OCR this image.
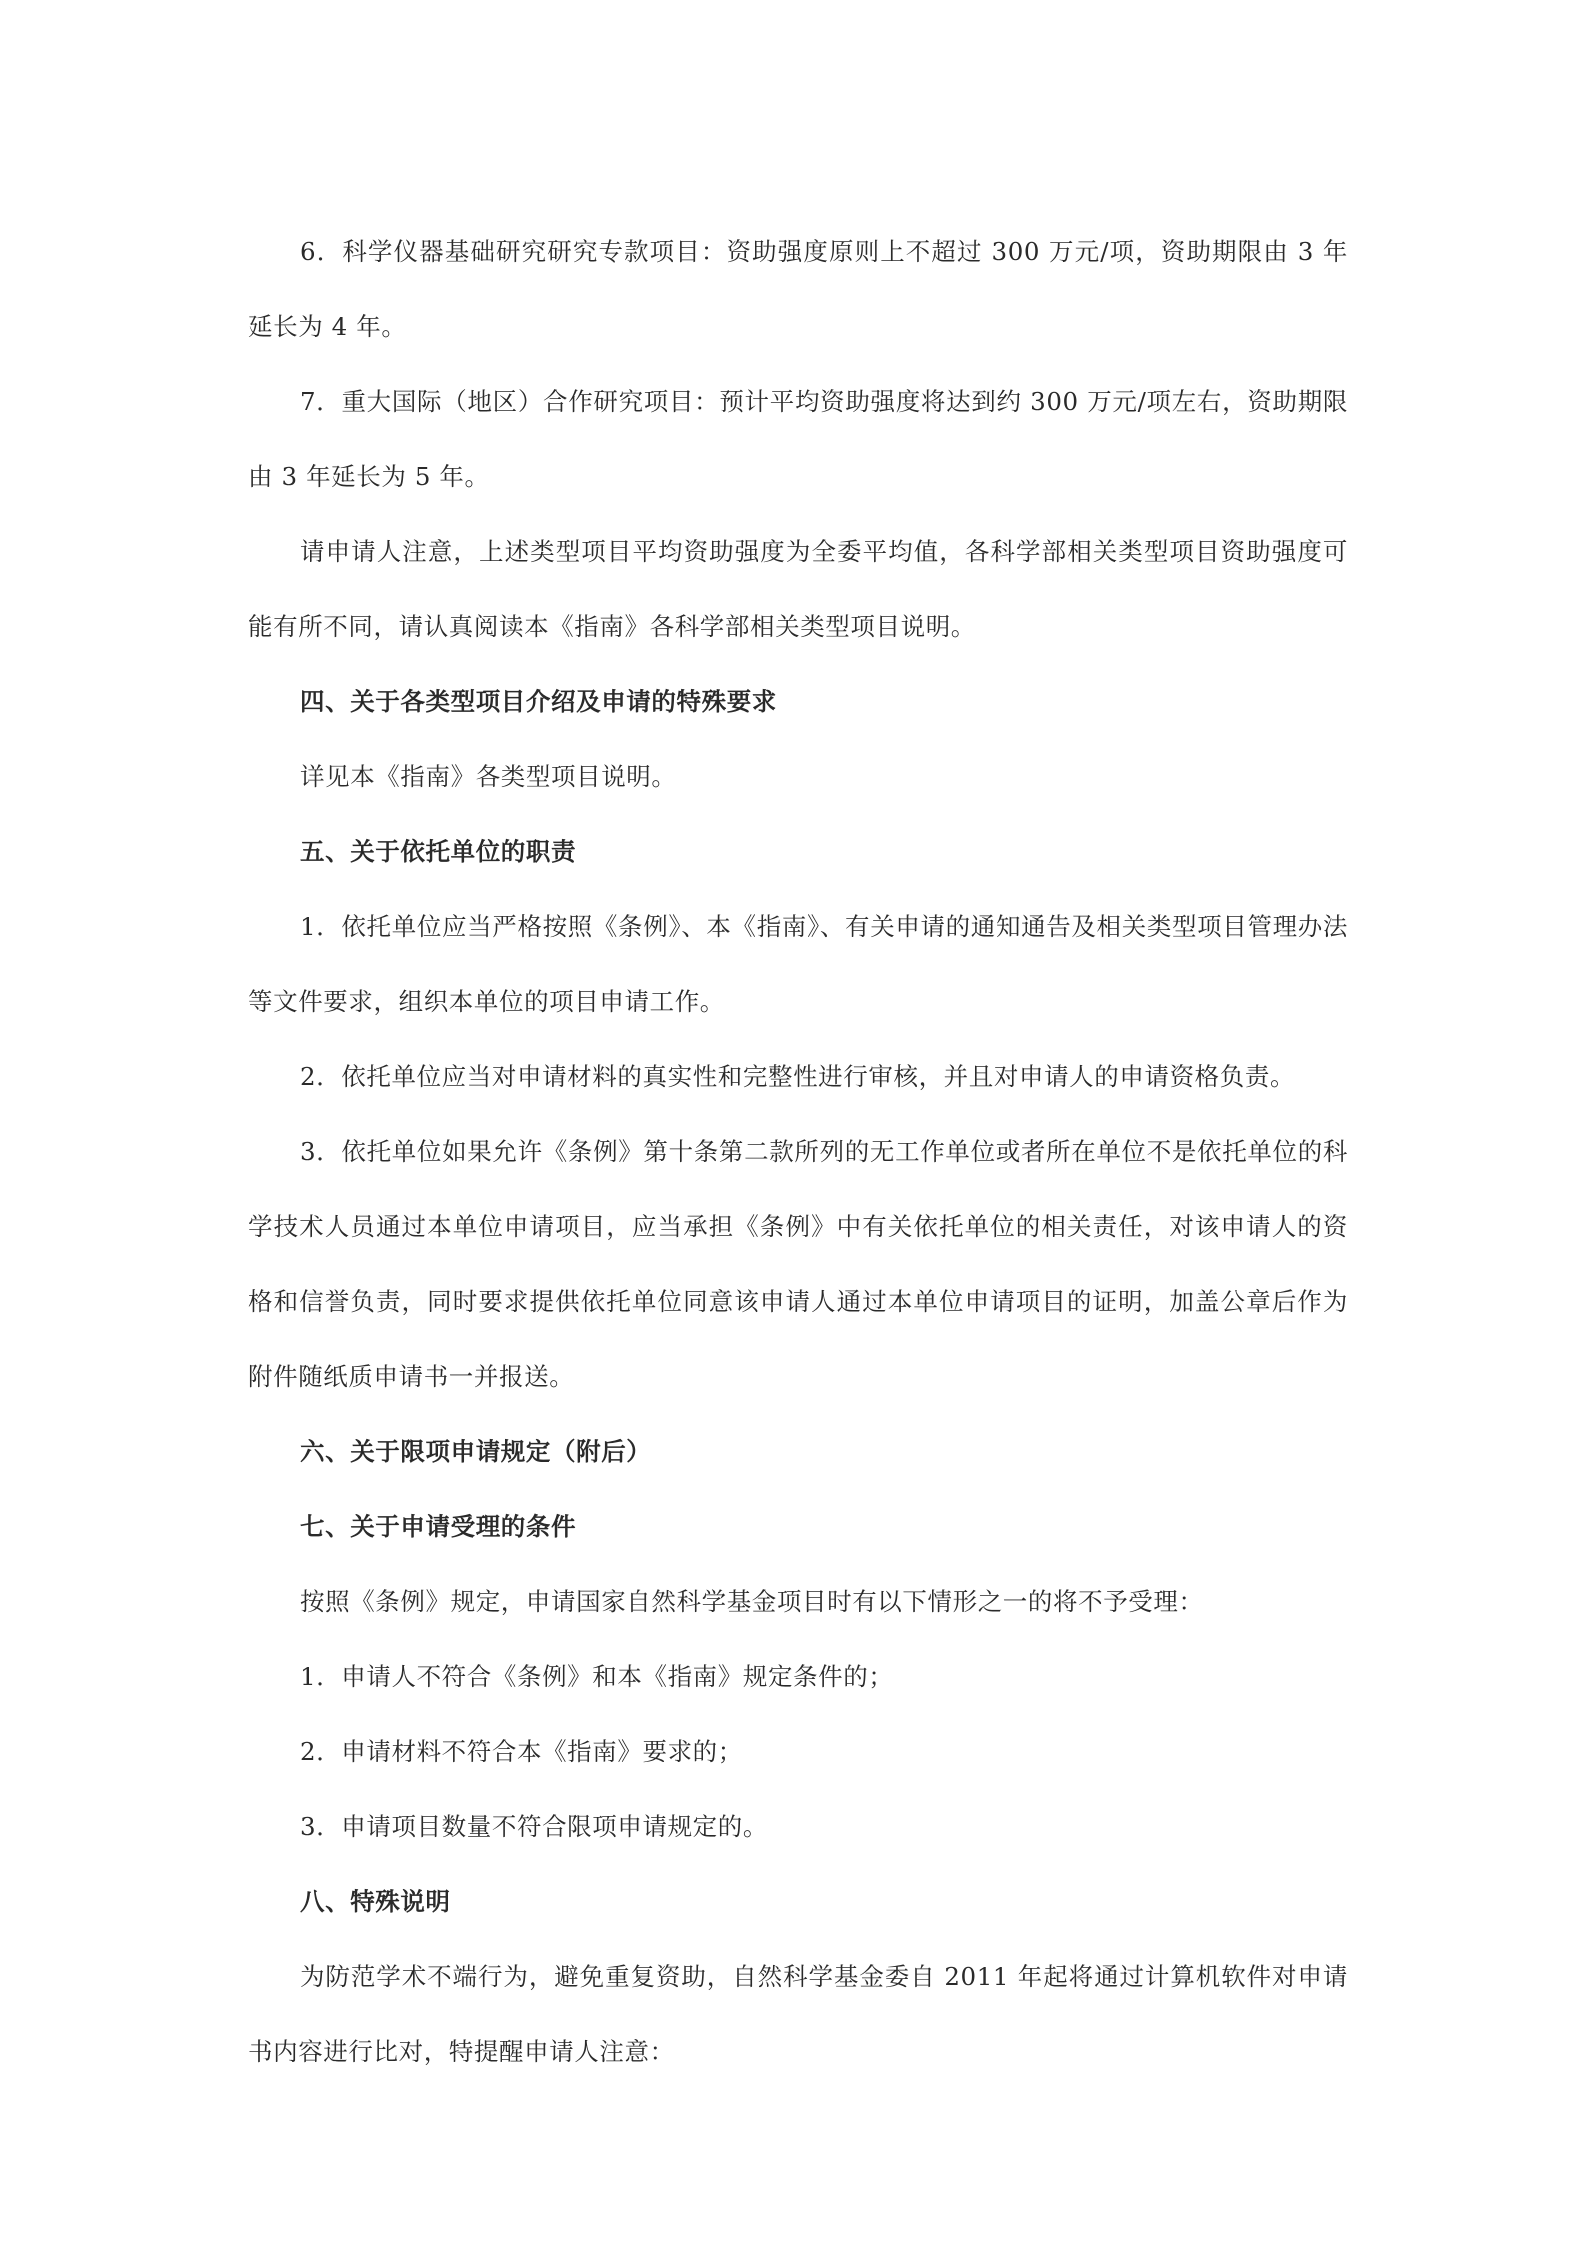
6．科学仪器基础研究研究专款项目：资助强度原则上不超过 300 万元/项，资助期限由 3 年延长为 4 年。

7．重大国际（地区）合作研究项目：预计平均资助强度将达到约 300 万元/项左右，资助期限由 3 年延长为 5 年。

请申请人注意，上述类型项目平均资助强度为全委平均值，各科学部相关类型项目资助强度可能有所不同，请认真阅读本《指南》各科学部相关类型项目说明。

四、关于各类型项目介绍及申请的特殊要求

详见本《指南》各类型项目说明。

五、关于依托单位的职责

1．依托单位应当严格按照《条例》、本《指南》、有关申请的通知通告及相关类型项目管理办法等文件要求，组织本单位的项目申请工作。

2．依托单位应当对申请材料的真实性和完整性进行审核，并且对申请人的申请资格负责。

3．依托单位如果允许《条例》第十条第二款所列的无工作单位或者所在单位不是依托单位的科学技术人员通过本单位申请项目，应当承担《条例》中有关依托单位的相关责任，对该申请人的资格和信誉负责，同时要求提供依托单位同意该申请人通过本单位申请项目的证明，加盖公章后作为附件随纸质申请书一并报送。

六、关于限项申请规定（附后）

七、关于申请受理的条件

按照《条例》规定，申请国家自然科学基金项目时有以下情形之一的将不予受理：

1．申请人不符合《条例》和本《指南》规定条件的；

2．申请材料不符合本《指南》要求的；

3．申请项目数量不符合限项申请规定的。

八、特殊说明

为防范学术不端行为，避免重复资助，自然科学基金委自 2011 年起将通过计算机软件对申请书内容进行比对，特提醒申请人注意：
